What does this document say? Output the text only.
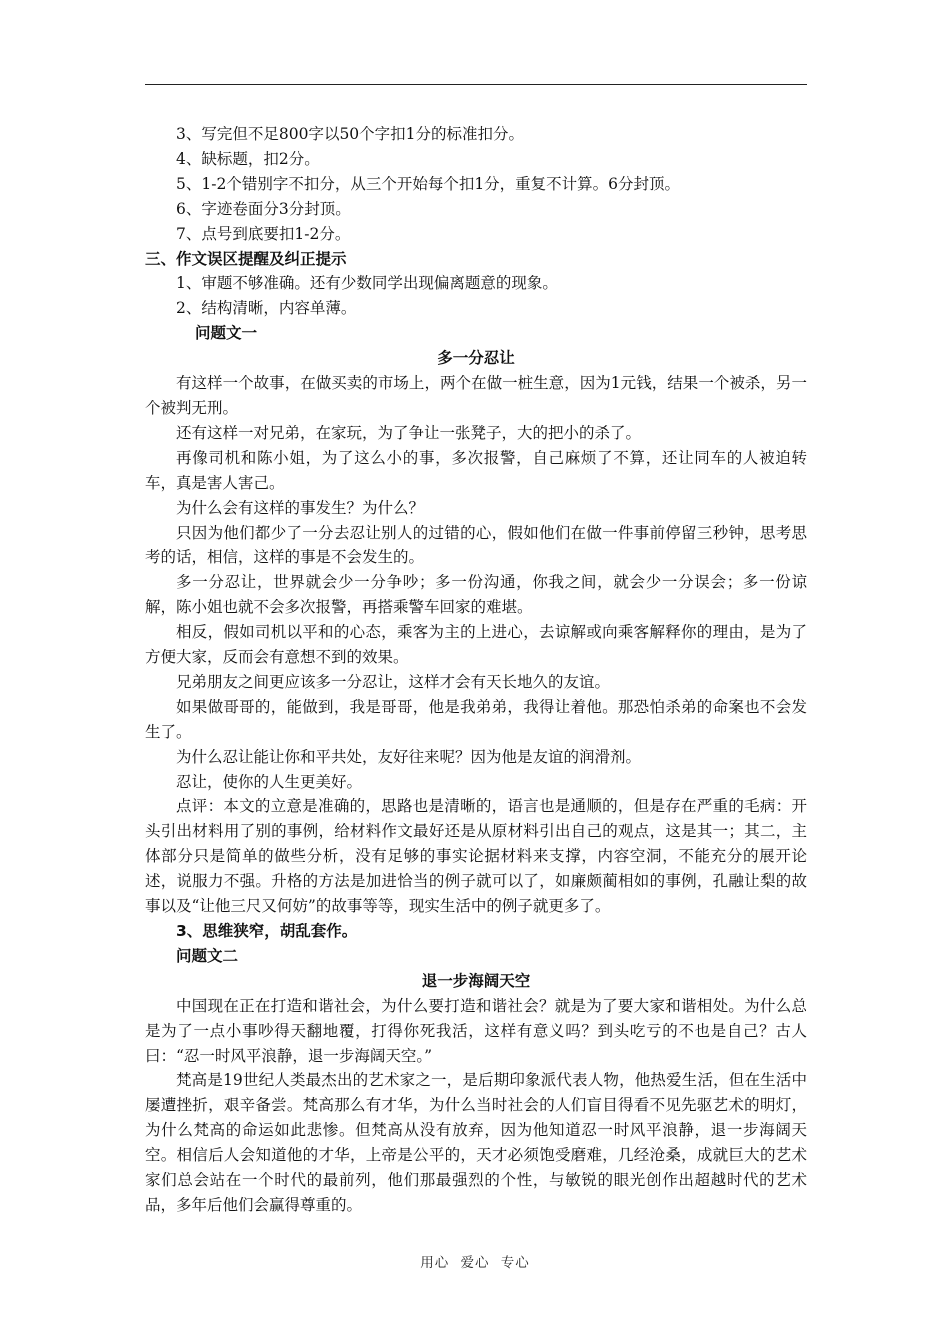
3、写完但不足800字以50个字扣1分的标准扣分。

4、缺标题，扣2分。

5、1-2个错别字不扣分，从三个开始每个扣1分，重复不计算。6分封顶。

6、字迹卷面分3分封顶。

7、点号到底要扣1-2分。

三、作文误区提醒及纠正提示

1、审题不够准确。还有少数同学出现偏离题意的现象。

2、结构清晰，内容单薄。

问题文一

多一分忍让

有这样一个故事，在做买卖的市场上，两个在做一桩生意，因为1元钱，结果一个被杀，另一个被判无刑。

还有这样一对兄弟，在家玩，为了争让一张凳子，大的把小的杀了。

再像司机和陈小姐，为了这么小的事，多次报警，自己麻烦了不算，还让同车的人被迫转车，真是害人害己。

为什么会有这样的事发生？为什么？

只因为他们都少了一分去忍让别人的过错的心，假如他们在做一件事前停留三秒钟，思考思考的话，相信，这样的事是不会发生的。

多一分忍让，世界就会少一分争吵；多一份沟通，你我之间，就会少一分误会；多一份谅解，陈小姐也就不会多次报警，再搭乘警车回家的难堪。

相反，假如司机以平和的心态，乘客为主的上进心，去谅解或向乘客解释你的理由，是为了方便大家，反而会有意想不到的效果。

兄弟朋友之间更应该多一分忍让，这样才会有天长地久的友谊。

如果做哥哥的，能做到，我是哥哥，他是我弟弟，我得让着他。那恐怕杀弟的命案也不会发生了。

为什么忍让能让你和平共处，友好往来呢？因为他是友谊的润滑剂。

忍让，使你的人生更美好。

点评：本文的立意是准确的，思路也是清晰的，语言也是通顺的，但是存在严重的毛病：开头引出材料用了别的事例，给材料作文最好还是从原材料引出自己的观点，这是其一；其二，主体部分只是简单的做些分析，没有足够的事实论据材料来支撑，内容空洞，不能充分的展开论述，说服力不强。升格的方法是加进恰当的例子就可以了，如廉颇蔺相如的事例，孔融让梨的故事以及“让他三尺又何妨”的故事等等，现实生活中的例子就更多了。

3、思维狭窄，胡乱套作。

问题文二

退一步海阔天空

中国现在正在打造和谐社会，为什么要打造和谐社会？就是为了要大家和谐相处。为什么总是为了一点小事吵得天翻地覆，打得你死我活，这样有意义吗？到头吃亏的不也是自己？古人曰：“忍一时风平浪静，退一步海阔天空。”

梵高是19世纪人类最杰出的艺术家之一，是后期印象派代表人物，他热爱生活，但在生活中屡遭挫折，艰辛备尝。梵高那么有才华，为什么当时社会的人们盲目得看不见先驱艺术的明灯，为什么梵高的命运如此悲惨。但梵高从没有放弃，因为他知道忍一时风平浪静，退一步海阔天空。相信后人会知道他的才华，上帝是公平的，天才必须饱受磨难，几经沧桑，成就巨大的艺术家们总会站在一个时代的最前列，他们那最强烈的个性，与敏锐的眼光创作出超越时代的艺术品，多年后他们会赢得尊重的。

用心 爱心 专心
